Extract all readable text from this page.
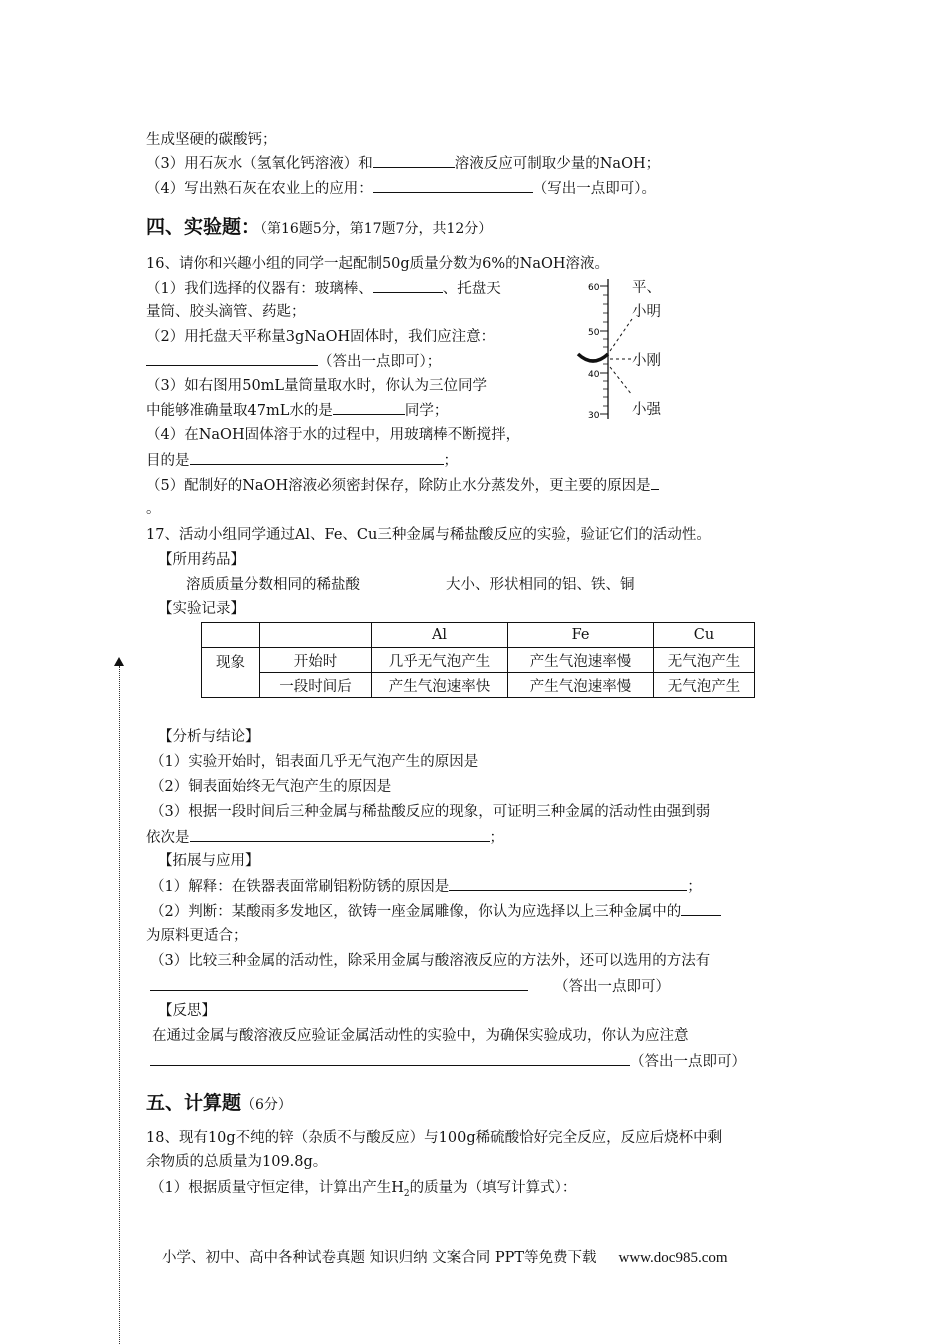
生成坚硬的碳酸钙；
（3）用石灰水（氢氧化钙溶液）和	溶液反应可制取少量的NaOH；
（4）写出熟石灰在农业上的应用：	（写出一点即可）。
四、实验题：（第16题5分，第17题7分，共12分）
16、请你和兴趣小组的同学一起配制50g质量分数为6%的NaOH溶液。
（1）我们选择的仪器有：玻璃棒、	、托盘天
量筒、胶头滴管、药匙；
（2）用托盘天平称量3gNaOH固体时，我们应注意：
（答出一点即可）；
（3）如右图用50mL量筒量取水时，你认为三位同学
中能够准确量取47mL水的是	同学；
（4）在NaOH固体溶于水的过程中，用玻璃棒不断搅拌，
目的是	；
（5）配制好的NaOH溶液必须密封保存，除防止水分蒸发外，更主要的原因是
。
60
50
40
30
平、
小明
小刚
小强
17、活动小组同学通过Al、Fe、Cu三种金属与稀盐酸反应的实验，验证它们的活动性。
【所用药品】
溶质质量分数相同的稀盐酸	大小、形状相同的铝、铁、铜
【实验记录】
		Al	Fe	Cu
现象	开始时	几乎无气泡产生	产生气泡速率慢	无气泡产生
	一段时间后	产生气泡速率快	产生气泡速率慢	无气泡产生
【分析与结论】
（1）实验开始时，铝表面几乎无气泡产生的原因是
（2）铜表面始终无气泡产生的原因是
（3）根据一段时间后三种金属与稀盐酸反应的现象，可证明三种金属的活动性由强到弱
依次是	；
【拓展与应用】
（1）解释：在铁器表面常刷铝粉防锈的原因是	；
（2）判断：某酸雨多发地区，欲铸一座金属雕像，你认为应选择以上三种金属中的
为原料更适合；
（3）比较三种金属的活动性，除采用金属与酸溶液反应的方法外，还可以选用的方法有
（答出一点即可）
【反思】
在通过金属与酸溶液反应验证金属活动性的实验中，为确保实验成功，你认为应注意
（答出一点即可）
五、计算题（6分）
18、现有10g不纯的锌（杂质不与酸反应）与100g稀硫酸恰好完全反应，反应后烧杯中剩
余物质的总质量为109.8g。
（1）根据质量守恒定律，计算出产生$H_2$的质量为（填写计算式）：
小学、初中、高中各种试卷真题 知识归纳 文案合同 PPT等免费下载 www.doc985.com
